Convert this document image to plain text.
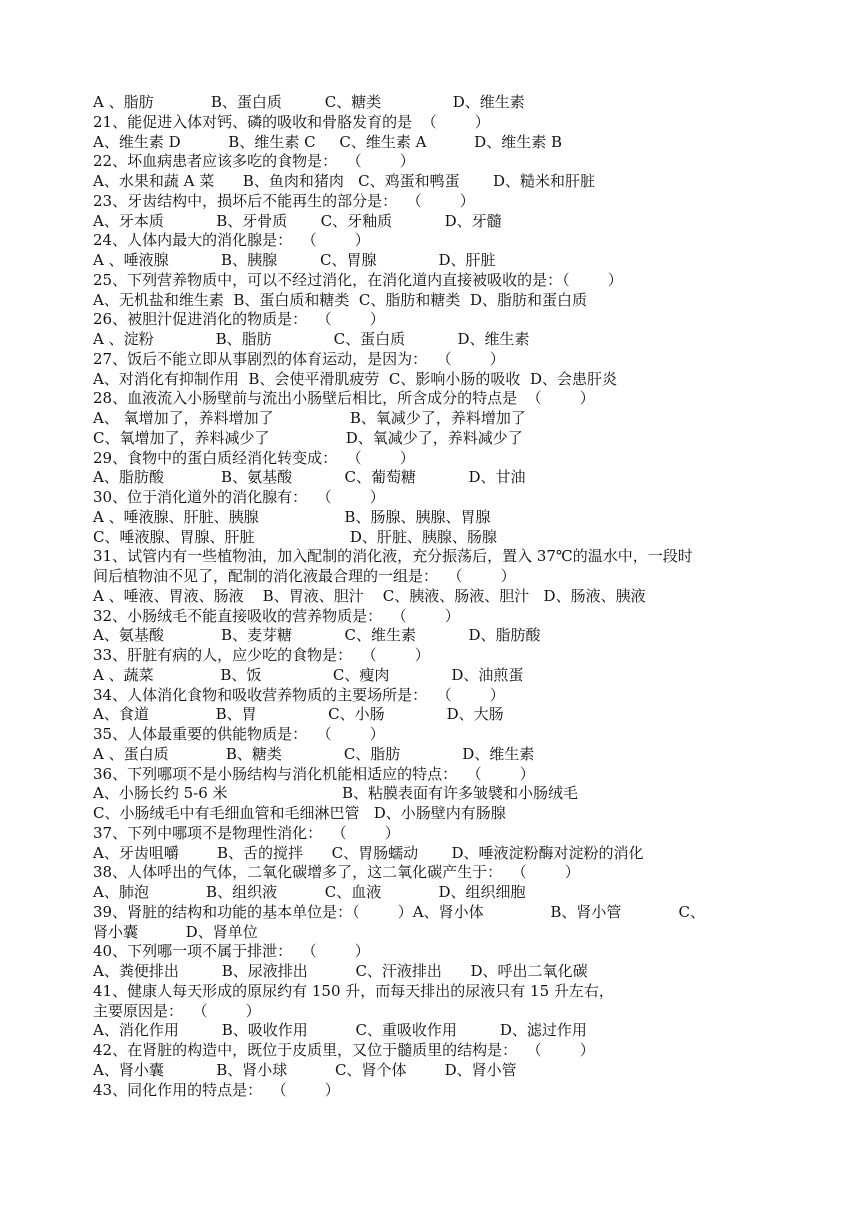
A 、脂肪            B、蛋白质         C、糖类               D、维生素
21、能促进入体对钙、磷的吸收和骨胳发育的是  （        ）
A、维生素 D          B、维生素 C     C、维生素 A          D、维生素 B
22、坏血病患者应该多吃的食物是：  （        ）
A、水果和蔬 A 菜      B、鱼肉和猪肉   C、鸡蛋和鸭蛋       D、糙米和肝脏
23、牙齿结构中，损坏后不能再生的部分是：  （        ）
A、牙本质           B、牙骨质       C、牙釉质           D、牙髓
24、人体内最大的消化腺是：  （        ）
A 、唾液腺           B、胰腺         C、胃腺             D、肝脏
25、下列营养物质中，可以不经过消化，在消化道内直接被吸收的是：（        ）
A、无机盐和维生素  B、蛋白质和糖类  C、脂肪和糖类  D、脂肪和蛋白质
26、被胆汁促进消化的物质是：  （        ）
A 、淀粉             B、脂肪             C、蛋白质           D、维生素
27、饭后不能立即从事剧烈的体育运动，是因为：  （        ）
A、对消化有抑制作用  B、会使平滑肌疲劳  C、影响小肠的吸收  D、会患肝炎
28、血液流入小肠壁前与流出小肠壁后相比，所含成分的特点是  （        ）
A、 氧增加了，养料增加了                B、氧减少了，养料增加了
C、氧增加了，养料减少了                D、氧减少了，养料减少了
29、食物中的蛋白质经消化转变成：  （        ）
A、脂肪酸            B、氨基酸           C、葡萄糖           D、甘油
30、位于消化道外的消化腺有：  （        ）
A 、唾液腺、肝脏、胰腺                  B、肠腺、胰腺、胃腺
C、唾液腺、胃腺、肝脏                    D、肝脏、胰腺、肠腺
31、试管内有一些植物油，加入配制的消化液，充分振荡后，置入 37℃的温水中，一段时
间后植物油不见了，配制的消化液最合理的一组是：  （        ）
A 、唾液、胃液、肠液    B、胃液、胆汁    C、胰液、肠液、胆汁   D、肠液、胰液
32、小肠绒毛不能直接吸收的营养物质是：  （        ）
A、氨基酸            B、麦芽糖           C、维生素           D、脂肪酸
33、肝脏有病的人，应少吃的食物是：  （        ）
A 、蔬菜              B、饭               C、瘦肉             D、油煎蛋
34、人体消化食物和吸收营养物质的主要场所是：  （        ）
A、食道              B、胃               C、小肠             D、大肠
35、人体最重要的供能物质是：  （        ）
A 、蛋白质            B、糖类             C、脂肪             D、维生素
36、下列哪项不是小肠结构与消化机能相适应的特点：  （        ）
A、小肠长约 5-6 米                        B、粘膜表面有许多皱襞和小肠绒毛
C、小肠绒毛中有毛细血管和毛细淋巴管   D、小肠壁内有肠腺
37、下列中哪项不是物理性消化：  （        ）
A、牙齿咀嚼        B、舌的搅拌      C、胃肠蠕动       D、唾液淀粉酶对淀粉的消化
38、人体呼出的气体，二氧化碳增多了，这二氧化碳产生于：  （        ）
A、肺泡            B、组织液          C、血液            D、组织细胞
39、肾脏的结构和功能的基本单位是：（        ）A、肾小体              B、肾小管            C、
肾小囊          D、肾单位
40、下列哪一项不属于排泄：  （        ）
A、粪便排出         B、尿液排出          C、汗液排出      D、呼出二氧化碳
41、健康人每天形成的原尿约有 150 升，而每天排出的尿液只有 15 升左右，
主要原因是：  （        ）
A、消化作用         B、吸收作用          C、重吸收作用         D、滤过作用
42、在肾脏的构造中，既位于皮质里，又位于髓质里的结构是：  （        ）
A、肾小囊           B、肾小球          C、肾个体        D、肾小管
43、同化作用的特点是：  （        ）
